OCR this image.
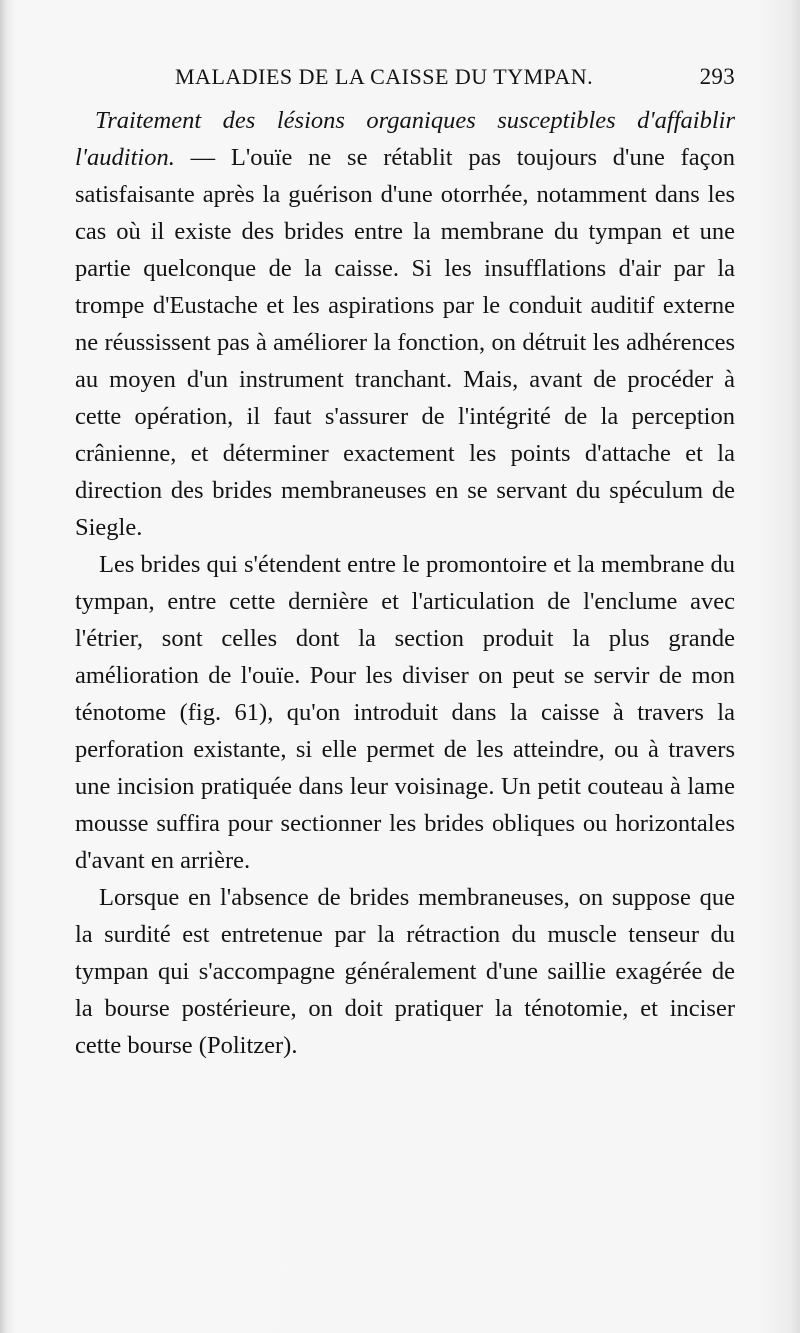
MALADIES DE LA CAISSE DU TYMPAN.	293

Traitement des lésions organiques susceptibles d'affaiblir l'audition. — L'ouïe ne se rétablit pas toujours d'une façon satisfaisante après la guérison d'une otorrhée, notamment dans les cas où il existe des brides entre la membrane du tympan et une partie quelconque de la caisse. Si les insufflations d'air par la trompe d'Eustache et les aspirations par le conduit auditif externe ne réussissent pas à améliorer la fonction, on détruit les adhérences au moyen d'un instrument tranchant. Mais, avant de procéder à cette opération, il faut s'assurer de l'intégrité de la perception crânienne, et déterminer exactement les points d'attache et la direction des brides membraneuses en se servant du spéculum de Siegle.

Les brides qui s'étendent entre le promontoire et la membrane du tympan, entre cette dernière et l'articulation de l'enclume avec l'étrier, sont celles dont la section produit la plus grande amélioration de l'ouïe. Pour les diviser on peut se servir de mon ténotome (fig. 61), qu'on introduit dans la caisse à travers la perforation existante, si elle permet de les atteindre, ou à travers une incision pratiquée dans leur voisinage. Un petit couteau à lame mousse suffira pour sectionner les brides obliques ou horizontales d'avant en arrière.

Lorsque en l'absence de brides membraneuses, on suppose que la surdité est entretenue par la rétraction du muscle tenseur du tympan qui s'accompagne généralement d'une saillie exagérée de la bourse postérieure, on doit pratiquer la ténotomie, et inciser cette bourse (Politzer).
